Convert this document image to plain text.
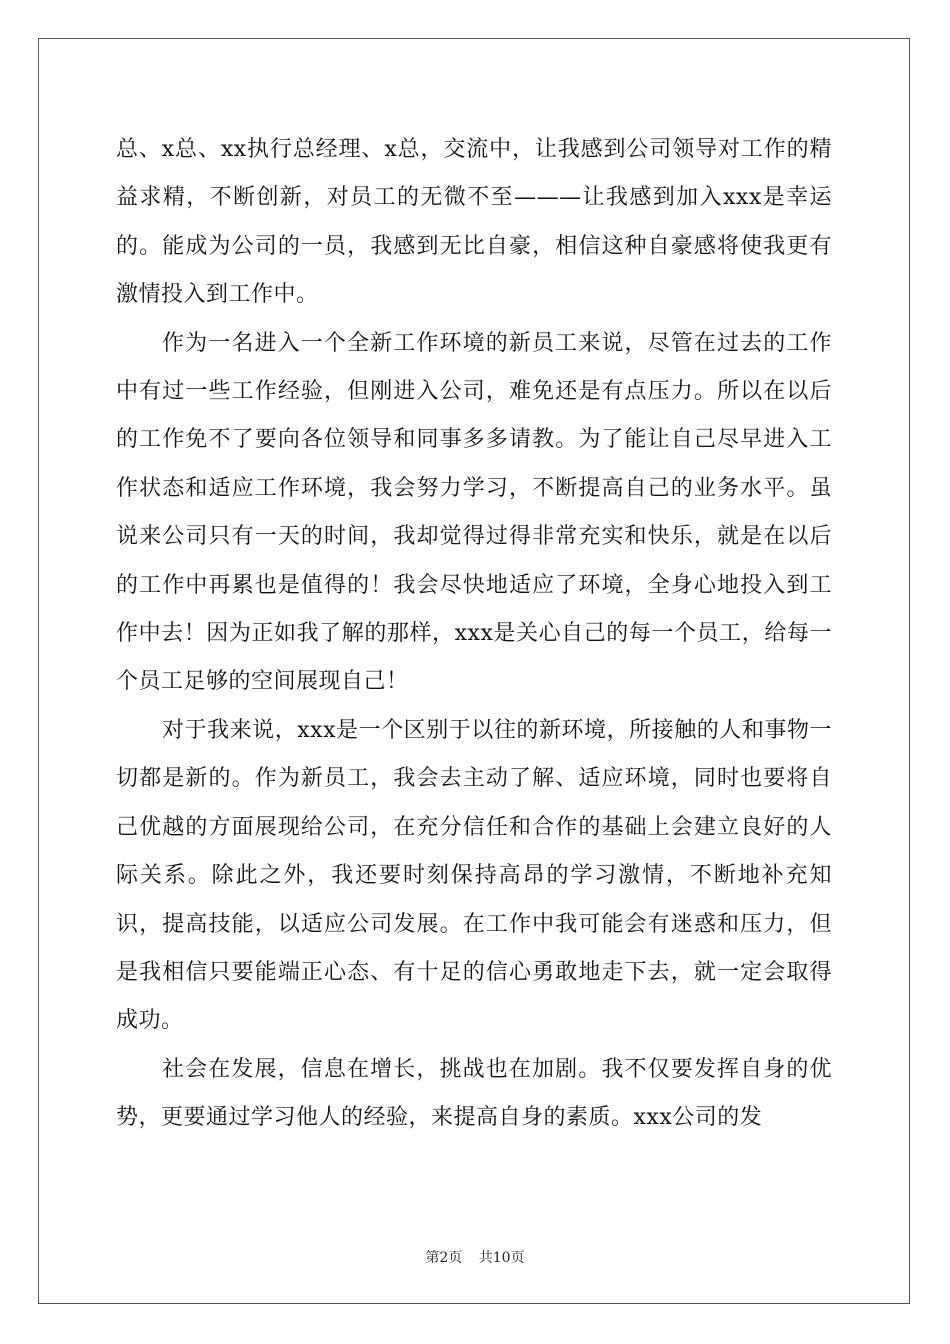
总、x总、xx执行总经理、x总，交流中，让我感到公司领导对工作的精益求精，不断创新，对员工的无微不至———让我感到加入xxx是幸运的。能成为公司的一员，我感到无比自豪，相信这种自豪感将使我更有激情投入到工作中。

作为一名进入一个全新工作环境的新员工来说，尽管在过去的工作中有过一些工作经验，但刚进入公司，难免还是有点压力。所以在以后的工作免不了要向各位领导和同事多多请教。为了能让自己尽早进入工作状态和适应工作环境，我会努力学习，不断提高自己的业务水平。虽说来公司只有一天的时间，我却觉得过得非常充实和快乐，就是在以后的工作中再累也是值得的！我会尽快地适应了环境，全身心地投入到工作中去！因为正如我了解的那样，xxx是关心自己的每一个员工，给每一个员工足够的空间展现自己！

对于我来说，xxx是一个区别于以往的新环境，所接触的人和事物一切都是新的。作为新员工，我会去主动了解、适应环境，同时也要将自己优越的方面展现给公司，在充分信任和合作的基础上会建立良好的人际关系。除此之外，我还要时刻保持高昂的学习激情，不断地补充知识，提高技能，以适应公司发展。在工作中我可能会有迷惑和压力，但是我相信只要能端正心态、有十足的信心勇敢地走下去，就一定会取得成功。

社会在发展，信息在增长，挑战也在加剧。我不仅要发挥自身的优势，更要通过学习他人的经验，来提高自身的素质。xxx公司的发

第2页 共10页
